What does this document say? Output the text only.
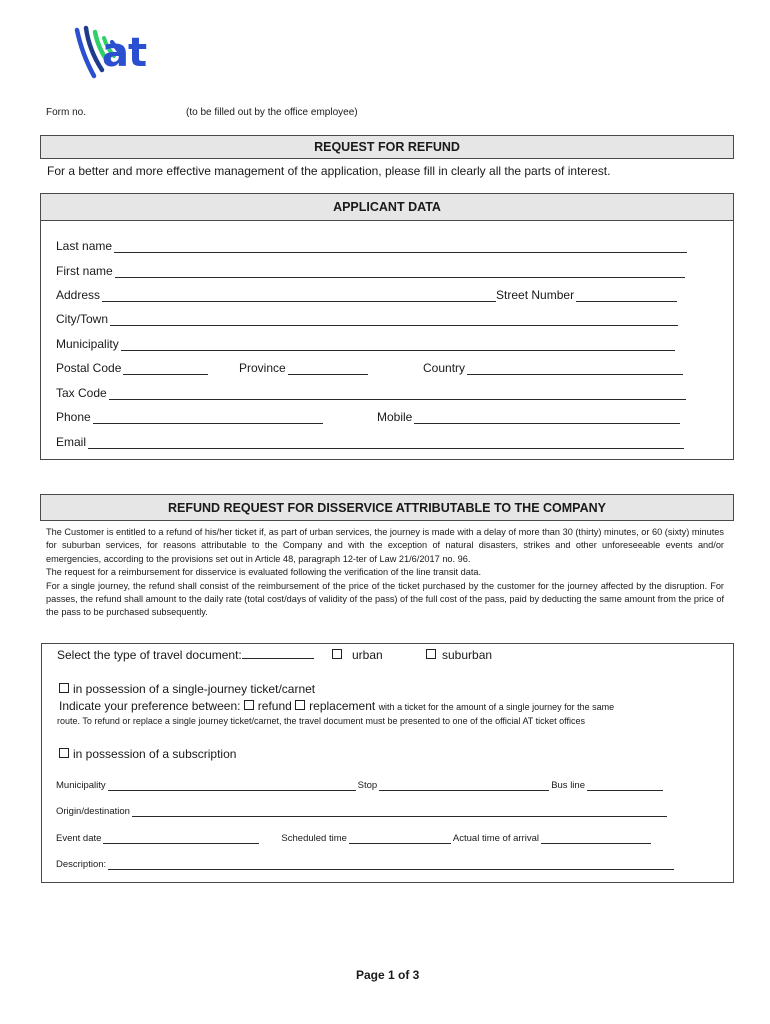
at
Form no.	(to be filled out by the office employee)
REQUEST FOR REFUND
For a better and more effective management of the application, please fill in clearly all the parts of interest.
APPLICANT DATA
Last name
First name
Address	Street Number
City/Town
Municipality
Postal Code	Province	Country
Tax Code
Phone	Mobile
Email
REFUND REQUEST FOR DISSERVICE ATTRIBUTABLE TO THE COMPANY

The Customer is entitled to a refund of his/her ticket if, as part of urban services, the journey is made with a delay of more than 30 (thirty) minutes, or 60 (sixty) minutes for suburban services, for reasons attributable to the Company and with the exception of natural disasters, strikes and other unforeseeable events and/or emergencies, according to the provisions set out in Article 48, paragraph 12-ter of Law 21/6/2017 no. 96.

The request for a reimbursement for disservice is evaluated following the verification of the line transit data.

For a single journey, the refund shall consist of the reimbursement of the price of the ticket purchased by the customer for the journey affected by the disruption. For passes, the refund shall amount to the daily rate (total cost/days of validity of the pass) of the full cost of the pass, paid by deducting the same amount from the price of the pass to be purchased subsequently.

Select the type of travel document:	urban	suburban
in possession of a single-journey ticket/carnet
Indicate your preference between: refund replacement with a ticket for the amount of a single journey for the same
route. To refund or replace a single journey ticket/carnet, the travel document must be presented to one of the official AT ticket offices
in possession of a subscription
Municipality	Stop	Bus line
Origin/destination
Event date	Scheduled time	Actual time of arrival
Description:
Page 1 of 3
